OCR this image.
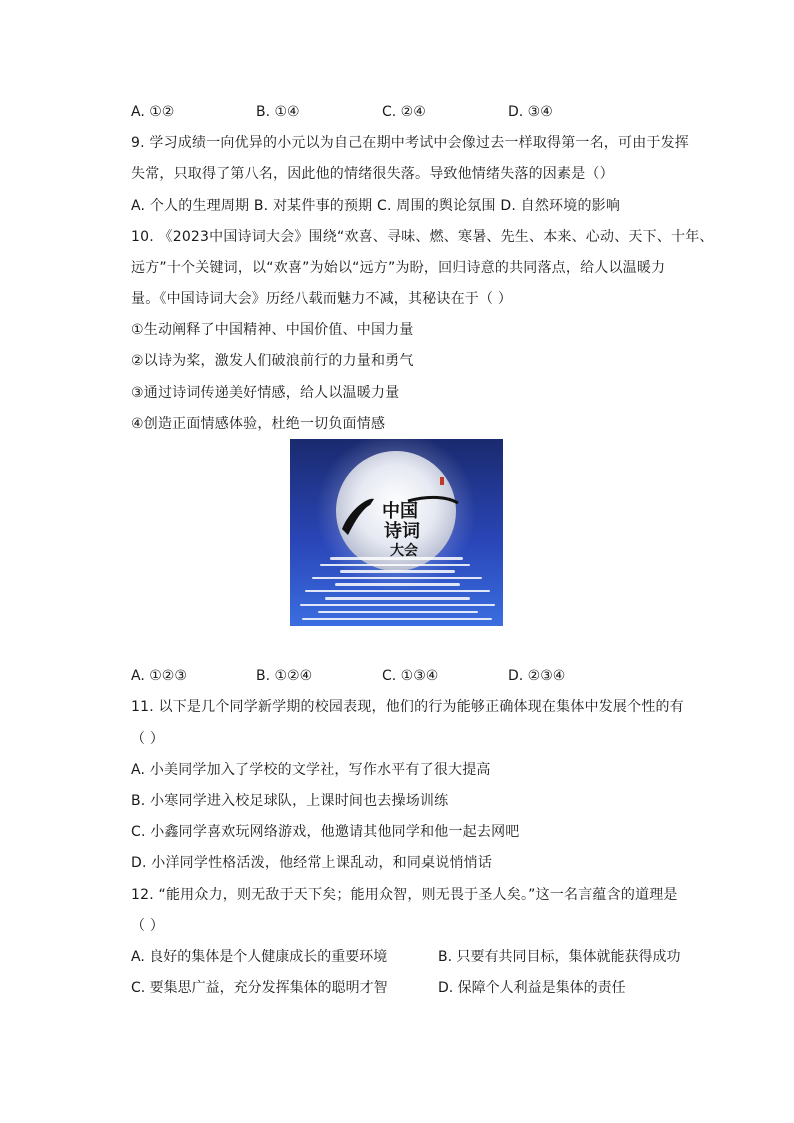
A. ①②	B. ①④	C. ②④	D. ③④
9. 学习成绩一向优异的小元以为自己在期中考试中会像过去一样取得第一名，可由于发挥
失常，只取得了第八名，因此他的情绪很失落。导致他情绪失落的因素是（）
A. 个人的生理周期 B. 对某件事的预期 C. 周围的舆论氛围 D. 自然环境的影响
10. 《2023中国诗词大会》围绕“欢喜、寻味、燃、寒暑、先生、本来、心动、天下、十年、
远方”十个关键词，以“欢喜”为始以“远方”为盼，回归诗意的共同落点，给人以温暖力
量。《中国诗词大会》历经八载而魅力不减，其秘诀在于（ ）
①生动阐释了中国精神、中国价值、中国力量
②以诗为桨，激发人们破浪前行的力量和勇气
③通过诗词传递美好情感，给人以温暖力量
④创造正面情感体验，杜绝一切负面情感
中国
诗词
大会
A. ①②③	B. ①②④	C. ①③④	D. ②③④
11. 以下是几个同学新学期的校园表现，他们的行为能够正确体现在集体中发展个性的有
（ ）
A. 小美同学加入了学校的文学社，写作水平有了很大提高
B. 小寒同学进入校足球队，上课时间也去操场训练
C. 小鑫同学喜欢玩网络游戏，他邀请其他同学和他一起去网吧
D. 小洋同学性格活泼，他经常上课乱动，和同桌说悄悄话
12. “能用众力，则无敌于天下矣；能用众智，则无畏于圣人矣。”这一名言蕴含的道理是
（ ）
A. 良好的集体是个人健康成长的重要环境	B. 只要有共同目标，集体就能获得成功
C. 要集思广益，充分发挥集体的聪明才智	D. 保障个人利益是集体的责任
